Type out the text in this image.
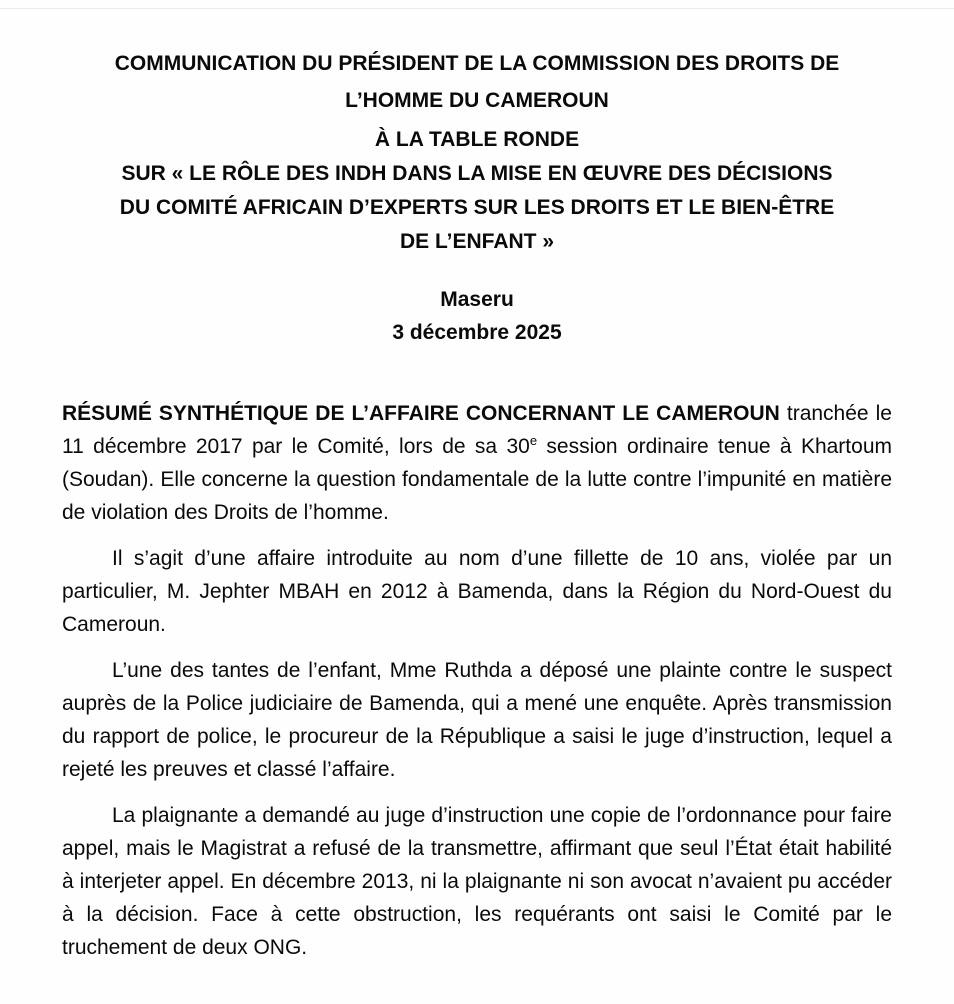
COMMUNICATION DU PRÉSIDENT DE LA COMMISSION DES DROITS DE
L’HOMME DU CAMEROUN
À LA TABLE RONDE
SUR « LE RÔLE DES INDH DANS LA MISE EN ŒUVRE DES DÉCISIONS
DU COMITÉ AFRICAIN D’EXPERTS SUR LES DROITS ET LE BIEN-ÊTRE
DE L’ENFANT »
Maseru
3 décembre 2025

RÉSUMÉ SYNTHÉTIQUE DE L’AFFAIRE CONCERNANT LE CAMEROUN tranchée le 11 décembre 2017 par le Comité, lors de sa 30e session ordinaire tenue à Khartoum (Soudan). Elle concerne la question fondamentale de la lutte contre l’impunité en matière de violation des Droits de l’homme.

Il s’agit d’une affaire introduite au nom d’une fillette de 10 ans, violée par un particulier, M. Jephter MBAH en 2012 à Bamenda, dans la Région du Nord-Ouest du Cameroun.

L’une des tantes de l’enfant, Mme Ruthda a déposé une plainte contre le suspect auprès de la Police judiciaire de Bamenda, qui a mené une enquête. Après transmission du rapport de police, le procureur de la République a saisi le juge d’instruction, lequel a rejeté les preuves et classé l’affaire.

La plaignante a demandé au juge d’instruction une copie de l’ordonnance pour faire appel, mais le Magistrat a refusé de la transmettre, affirmant que seul l’État était habilité à interjeter appel. En décembre 2013, ni la plaignante ni son avocat n’avaient pu accéder à la décision. Face à cette obstruction, les requérants ont saisi le Comité par le truchement de deux ONG.
